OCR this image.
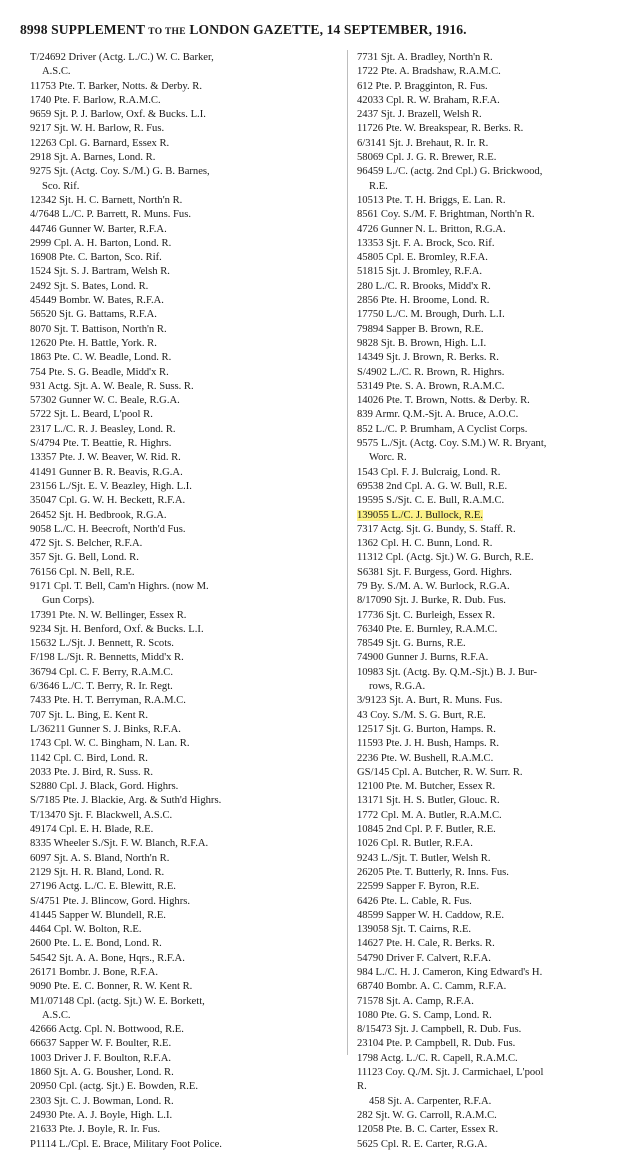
8998 SUPPLEMENT TO THE LONDON GAZETTE, 14 SEPTEMBER, 1916.
T/24692 Driver (Actg. L./C.) W. C. Barker,
A.S.C.
11753 Pte. T. Barker, Notts. & Derby. R.
1740 Pte. F. Barlow, R.A.M.C.
9659 Sjt. P. J. Barlow, Oxf. & Bucks. L.I.
9217 Sjt. W. H. Barlow, R. Fus.
12263 Cpl. G. Barnard, Essex R.
2918 Sjt. A. Barnes, Lond. R.
9275 Sjt. (Actg. Coy. S./M.) G. B. Barnes,
Sco. Rif.
12342 Sjt. H. C. Barnett, North'n R.
4/7648 L./C. P. Barrett, R. Muns. Fus.
44746 Gunner W. Barter, R.F.A.
2999 Cpl. A. H. Barton, Lond. R.
16908 Pte. C. Barton, Sco. Rif.
1524 Sjt. S. J. Bartram, Welsh R.
2492 Sjt. S. Bates, Lond. R.
45449 Bombr. W. Bates, R.F.A.
56520 Sjt. G. Battams, R.F.A.
8070 Sjt. T. Battison, North'n R.
12620 Pte. H. Battle, York. R.
1863 Pte. C. W. Beadle, Lond. R.
754 Pte. S. G. Beadle, Midd'x R.
931 Actg. Sjt. A. W. Beale, R. Suss. R.
57302 Gunner W. C. Beale, R.G.A.
5722 Sjt. L. Beard, L'pool R.
2317 L./C. R. J. Beasley, Lond. R.
S/4794 Pte. T. Beattie, R. Highrs.
13357 Pte. J. W. Beaver, W. Rid. R.
41491 Gunner B. R. Beavis, R.G.A.
23156 L./Sjt. E. V. Beazley, High. L.I.
35047 Cpl. G. W. H. Beckett, R.F.A.
26452 Sjt. H. Bedbrook, R.G.A.
9058 L./C. H. Beecroft, North'd Fus.
472 Sjt. S. Belcher, R.F.A.
357 Sjt. G. Bell, Lond. R.
76156 Cpl. N. Bell, R.E.
9171 Cpl. T. Bell, Cam'n Highrs. (now M.
Gun Corps).
17391 Pte. N. W. Bellinger, Essex R.
9234 Sjt. H. Benford, Oxf. & Bucks. L.I.
15632 L./Sjt. J. Bennett, R. Scots.
F/198 L./Sjt. R. Bennetts, Midd'x R.
36794 Cpl. C. F. Berry, R.A.M.C.
6/3646 L./C. T. Berry, R. Ir. Regt.
7433 Pte. H. T. Berryman, R.A.M.C.
707 Sjt. L. Bing, E. Kent R.
L/36211 Gunner S. J. Binks, R.F.A.
1743 Cpl. W. C. Bingham, N. Lan. R.
1142 Cpl. C. Bird, Lond. R.
2033 Pte. J. Bird, R. Suss. R.
S2880 Cpl. J. Black, Gord. Highrs.
S/7185 Pte. J. Blackie, Arg. & Suth'd Highrs.
T/13470 Sjt. F. Blackwell, A.S.C.
49174 Cpl. E. H. Blade, R.E.
8335 Wheeler S./Sjt. F. W. Blanch, R.F.A.
6097 Sjt. A. S. Bland, North'n R.
2129 Sjt. H. R. Bland, Lond. R.
27196 Actg. L./C. E. Blewitt, R.E.
S/4751 Pte. J. Blincow, Gord. Highrs.
41445 Sapper W. Blundell, R.E.
4464 Cpl. W. Bolton, R.E.
2600 Pte. L. E. Bond, Lond. R.
54542 Sjt. A. A. Bone, Hqrs., R.F.A.
26171 Bombr. J. Bone, R.F.A.
9090 Pte. E. C. Bonner, R. W. Kent R.
M1/07148 Cpl. (actg. Sjt.) W. E. Borkett,
A.S.C.
42666 Actg. Cpl. N. Bottwood, R.E.
66637 Sapper W. F. Boulter, R.E.
1003 Driver J. F. Boulton, R.F.A.
1860 Sjt. A. G. Bousher, Lond. R.
20950 Cpl. (actg. Sjt.) E. Bowden, R.E.
2303 Sjt. C. J. Bowman, Lond. R.
24930 Pte. A. J. Boyle, High. L.I.
21633 Pte. J. Boyle, R. Ir. Fus.
P1114 L./Cpl. E. Brace, Military Foot Police.
7731 Sjt. A. Bradley, North'n R.
1722 Pte. A. Bradshaw, R.A.M.C.
612 Pte. P. Bragginton, R. Fus.
42033 Cpl. R. W. Braham, R.F.A.
2437 Sjt. J. Brazell, Welsh R.
11726 Pte. W. Breakspear, R. Berks. R.
6/3141 Sjt. J. Brehaut, R. Ir. R.
58069 Cpl. J. G. R. Brewer, R.E.
96459 L./C. (actg. 2nd Cpl.) G. Brickwood,
R.E.
10513 Pte. T. H. Briggs, E. Lan. R.
8561 Coy. S./M. F. Brightman, North'n R.
4726 Gunner N. L. Britton, R.G.A.
13353 Sjt. F. A. Brock, Sco. Rif.
45805 Cpl. E. Bromley, R.F.A.
51815 Sjt. J. Bromley, R.F.A.
280 L./C. R. Brooks, Midd'x R.
2856 Pte. H. Broome, Lond. R.
17750 L./C. M. Brough, Durh. L.I.
79894 Sapper B. Brown, R.E.
9828 Sjt. B. Brown, High. L.I.
14349 Sjt. J. Brown, R. Berks. R.
S/4902 L./C. R. Brown, R. Highrs.
53149 Pte. S. A. Brown, R.A.M.C.
14026 Pte. T. Brown, Notts. & Derby. R.
839 Armr. Q.M.-Sjt. A. Bruce, A.O.C.
852 L./C. P. Brumham, A Cyclist Corps.
9575 L./Sjt. (Actg. Coy. S.M.) W. R. Bryant,
Worc. R.
1543 Cpl. F. J. Bulcraig, Lond. R.
69538 2nd Cpl. A. G. W. Bull, R.E.
19595 S./Sjt. C. E. Bull, R.A.M.C.
139055 L./C. J. Bullock, R.E.
7317 Actg. Sjt. G. Bundy, S. Staff. R.
1362 Cpl. H. C. Bunn, Lond. R.
11312 Cpl. (Actg. Sjt.) W. G. Burch, R.E.
S6381 Sjt. F. Burgess, Gord. Highrs.
79 By. S./M. A. W. Burlock, R.G.A.
8/17090 Sjt. J. Burke, R. Dub. Fus.
17736 Sjt. C. Burleigh, Essex R.
76340 Pte. E. Burnley, R.A.M.C.
78549 Sjt. G. Burns, R.E.
74900 Gunner J. Burns, R.F.A.
10983 Sjt. (Actg. By. Q.M.-Sjt.) B. J. Bur-
rows, R.G.A.
3/9123 Sjt. A. Burt, R. Muns. Fus.
43 Coy. S./M. S. G. Burt, R.E.
12517 Sjt. G. Burton, Hamps. R.
11593 Pte. J. H. Bush, Hamps. R.
2236 Pte. W. Bushell, R.A.M.C.
GS/145 Cpl. A. Butcher, R. W. Surr. R.
12100 Pte. M. Butcher, Essex R.
13171 Sjt. H. S. Butler, Glouc. R.
1772 Cpl. M. A. Butler, R.A.M.C.
10845 2nd Cpl. P. F. Butler, R.E.
1026 Cpl. R. Butler, R.F.A.
9243 L./Sjt. T. Butler, Welsh R.
26205 Pte. T. Butterly, R. Inns. Fus.
22599 Sapper F. Byron, R.E.
6426 Pte. L. Cable, R. Fus.
48599 Sapper W. H. Caddow, R.E.
139058 Sjt. T. Cairns, R.E.
14627 Pte. H. Cale, R. Berks. R.
54790 Driver F. Calvert, R.F.A.
984 L./C. H. J. Cameron, King Edward's H.
68740 Bombr. A. C. Camm, R.F.A.
71578 Sjt. A. Camp, R.F.A.
1080 Pte. G. S. Camp, Lond. R.
8/15473 Sjt. J. Campbell, R. Dub. Fus.
23104 Pte. P. Campbell, R. Dub. Fus.
1798 Actg. L./C. R. Capell, R.A.M.C.
11123 Coy. Q./M. Sjt. J. Carmichael, L'pool
R.
458 Sjt. A. Carpenter, R.F.A.
282 Sjt. W. G. Carroll, R.A.M.C.
12058 Pte. B. C. Carter, Essex R.
5625 Cpl. R. E. Carter, R.G.A.
